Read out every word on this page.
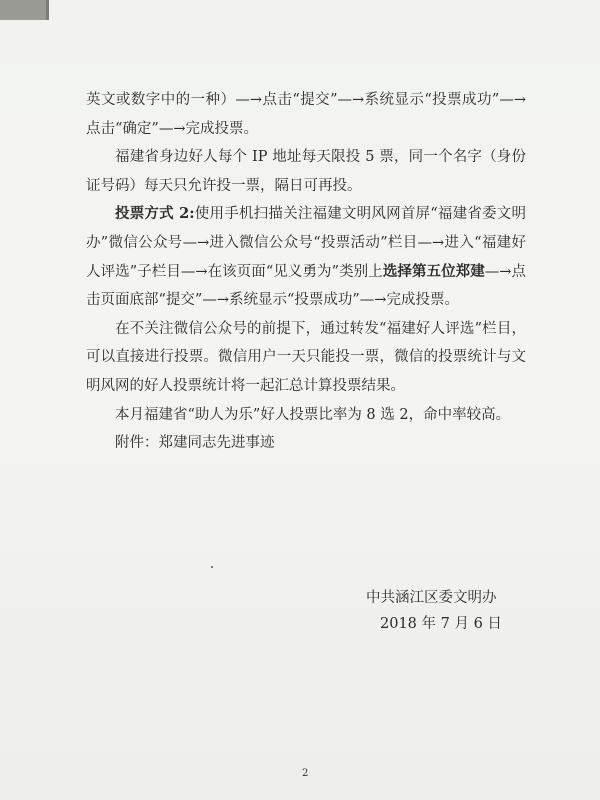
英文或数字中的一种）—→点击“提交”—→系统显示“投票成功”—→点击“确定”—→完成投票。

福建省身边好人每个 IP 地址每天限投 5 票，同一个名字（身份证号码）每天只允许投一票，隔日可再投。

投票方式 2:使用手机扫描关注福建文明风网首屏“福建省委文明办”微信公众号—→进入微信公众号“投票活动”栏目—→进入“福建好人评选”子栏目—→在该页面“见义勇为”类别上选择第五位郑建—→点击页面底部“提交”—→系统显示“投票成功”—→完成投票。

在不关注微信公众号的前提下，通过转发“福建好人评选”栏目，可以直接进行投票。微信用户一天只能投一票，微信的投票统计与文明风网的好人投票统计将一起汇总计算投票结果。

本月福建省“助人为乐”好人投票比率为 8 选 2，命中率较高。

附件：郑建同志先进事迹

中共涵江区委文明办
2018 年 7 月 6 日
2
